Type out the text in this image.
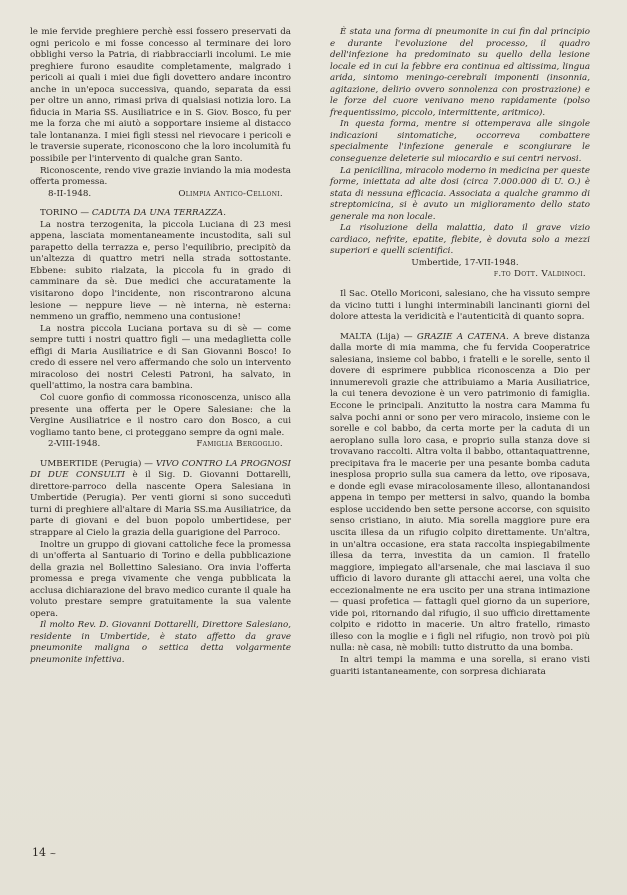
le mie fervide preghiere perchè essi fossero preservati da ogni pericolo e mi fosse concesso al terminare dei loro obblighi verso la Patria, di riabbracciarli incolumi. Le mie preghiere furono esaudite completamente, malgrado i pericoli ai quali i miei due figli dovettero andare incontro anche in un'epoca successiva, quando, separata da essi per oltre un anno, rimasi priva di qualsiasi notizia loro. La fiducia in Maria SS. Ausiliatrice e in S. Giov. Bosco, fu per me la forza che mi aiutò a sopportare insieme al distacco tale lontananza. I miei figli stessi nel rievocare i pericoli e le traversie superate, riconoscono che la loro incolumità fu possibile per l'intervento di qualche gran Santo.

Riconoscente, rendo vive grazie inviando la mia modesta offerta promessa.

8-II-1948.	Olimpia Antico-Celloni.

TORINO — CADUTA DA UNA TERRAZZA.

La nostra terzogenita, la piccola Luciana di 23 mesi appena, lasciata momentaneamente incustodita, sali sul parapetto della terrazza e, perso l'equilibrio, precipitò da un'altezza di quattro metri nella strada sottostante. Ebbene: subito rialzata, la piccola fu in grado di camminare da sè. Due medici che accuratamente la visitarono dopo l'incidente, non riscontrarono alcuna lesione — neppure lieve — nè interna, nè esterna: nemmeno un graffio, nemmeno una contusione!

La nostra piccola Luciana portava su di sè — come sempre tutti i nostri quattro figli — una medaglietta colle effigi di Maria Ausiliatrice e di San Giovanni Bosco! Io credo di essere nel vero affermando che solo un intervento miracoloso dei nostri Celesti Patroni, ha salvato, in quell'attimo, la nostra cara bambina.

Col cuore gonfio di commossa riconoscenza, unisco alla presente una offerta per le Opere Salesiane: che la Vergine Ausiliatrice e il nostro caro don Bosco, a cui vogliamo tanto bene, ci proteggano sempre da ogni male.

2-VIII-1948.	Famiglia Bergoglio.

UMBERTIDE (Perugia) — VIVO CONTRO LA PROGNOSI DI DUE CONSULTI è il Sig. D. Giovanni Dottarelli, direttore-parroco della nascente Opera Salesiana in Umbertide (Perugia). Per venti giorni si sono succedutì turni di preghiere all'altare di Maria SS.ma Ausiliatrice, da parte di giovani e del buon popolo umbertidese, per strappare al Cielo la grazia della guarigione del Parroco.

Inoltre un gruppo di giovani cattoliche fece la promessa di un'offerta al Santuario di Torino e della pubblicazione della grazia nel Bollettino Salesiano. Ora invia l'offerta promessa e prega vivamente che venga pubblicata la acclusa dichiarazione del bravo medico curante il quale ha voluto prestare sempre gratuitamente la sua valente opera.

Il molto Rev. D. Giovanni Dottarelli, Direttore Salesiano, residente in Umbertide, è stato affetto da grave pneumonite maligna o settica detta volgarmente pneumonite infettiva.

È stata una forma di pneumonite in cui fin dal principio e durante l'evoluzione del processo, il quadro dell'infezione ha predominato su quello della lesione locale ed in cui la febbre era continua ed altissima, lingua arida, sintomo meningo-cerebrali imponenti (insonnia, agitazione, delirio ovvero sonnolenza con prostrazione) e le forze del cuore venivano meno rapidamente (polso frequentissimo, piccolo, intermittente, aritmico).

In questa forma, mentre si ottemperava alle singole indicazioni sintomatiche, occorreva combattere specialmente l'infezione generale e scongiurare le conseguenze deleterie sul miocardio e sui centri nervosi.

La penicillina, miracolo moderno in medicina per queste forme, iniettata ad alte dosi (circa 7.000.000 di U. O.) è stata di nessuna efficacia. Associata a qualche grammo di streptomicina, si è avuto un miglioramento dello stato generale ma non locale.

La risoluzione della malattia, dato il grave vizio cardiaco, nefrite, epatite, flebite, è dovuta solo a mezzi superiori e quelli scientifici.

Umbertide, 17-VII-1948.

f.to Dott. Valdinoci.

Il Sac. Otello Moriconi, salesiano, che ha vissuto sempre da vicino tutti i lunghi interminabili lancinanti giorni del dolore attesta la veridicità e l'autenticità di quanto sopra.

MALTA (Lija) — GRAZIE A CATENA. A breve distanza dalla morte di mia mamma, che fu fervida Cooperatrice salesiana, insieme col babbo, i fratelli e le sorelle, sento il dovere di esprimere pubblica riconoscenza a Dio per innumerevoli grazie che attribuiamo a Maria Ausiliatrice, la cui tenera devozione è un vero patrimonio di famiglia. Eccone le principali. Anzitutto la nostra cara Mamma fu salva pochi anni or sono per vero miracolo, insieme con le sorelle e col babbo, da certa morte per la caduta di un aeroplano sulla loro casa, e proprio sulla stanza dove si trovavano raccolti. Altra volta il babbo, ottantaquattrenne, precipitava fra le macerie per una pesante bomba caduta inesplosa proprio sulla sua camera da letto, ove riposava, e donde egli evase miracolosamente illeso, allontanandosi appena in tempo per mettersi in salvo, quando la bomba esplose uccidendo ben sette persone accorse, con squisito senso cristiano, in aiuto. Mia sorella maggiore pure era uscita illesa da un rifugio colpito direttamente. Un'altra, in un'altra occasione, era stata raccolta inspiegabilmente illesa da terra, investita da un camion. Il fratello maggiore, impiegato all'arsenale, che mai lasciava il suo ufficio di lavoro durante gli attacchi aerei, una volta che eccezionalmente ne era uscito per una strana intimazione — quasi profetica — fattagli quel giorno da un superiore, vide poi, ritornando dal rifugio, il suo ufficio direttamente colpito e ridotto in macerie. Un altro fratello, rimasto illeso con la moglie e i figli nel rifugio, non trovò poi più nulla: nè casa, nè mobili: tutto distrutto da una bomba.

In altri tempi la mamma e una sorella, si erano visti guariti istantaneamente, con sorpresa dichiarata

14 ~
